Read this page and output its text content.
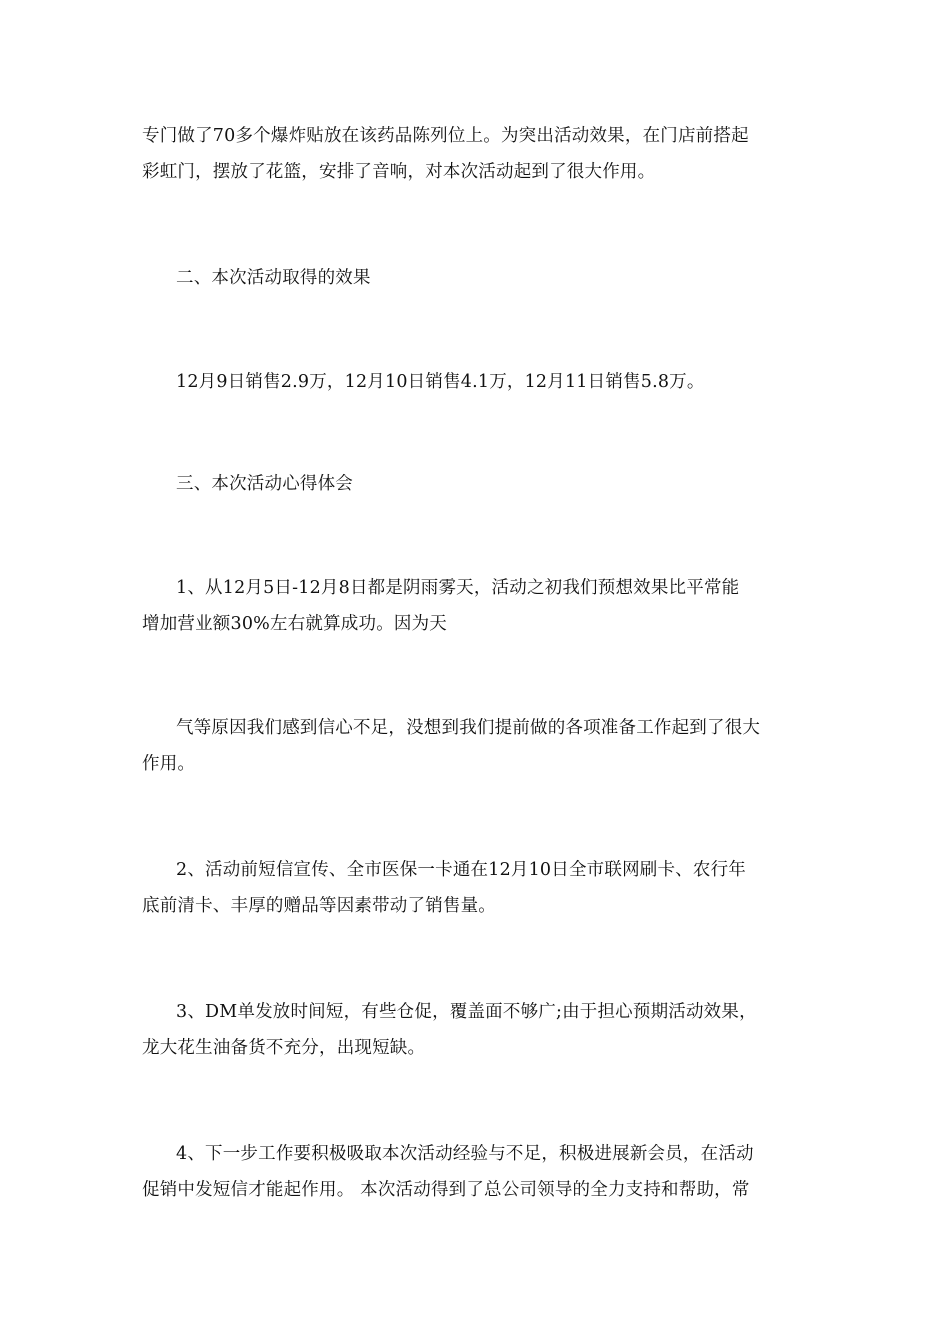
专门做了70多个爆炸贴放在该药品陈列位上。为突出活动效果，在门店前搭起
彩虹门，摆放了花篮，安排了音响，对本次活动起到了很大作用。

二、本次活动取得的效果

12月9日销售2.9万，12月10日销售4.1万，12月11日销售5.8万。

三、本次活动心得体会

1、从12月5日-12月8日都是阴雨雾天，活动之初我们预想效果比平常能
增加营业额30%左右就算成功。因为天

气等原因我们感到信心不足，没想到我们提前做的各项准备工作起到了很大
作用。

2、活动前短信宣传、全市医保一卡通在12月10日全市联网刷卡、农行年
底前清卡、丰厚的赠品等因素带动了销售量。

3、DM单发放时间短，有些仓促，覆盖面不够广;由于担心预期活动效果，
龙大花生油备货不充分，出现短缺。

4、下一步工作要积极吸取本次活动经验与不足，积极进展新会员，在活动
促销中发短信才能起作用。 本次活动得到了总公司领导的全力支持和帮助，常
